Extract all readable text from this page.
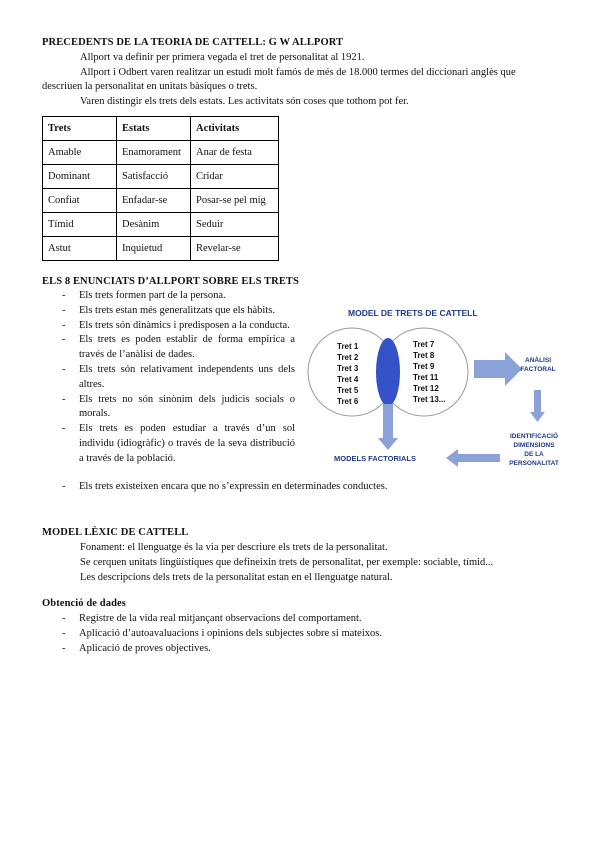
PRECEDENTS DE LA TEORIA DE CATTELL: G W ALLPORT
Allport va definir per primera vegada el tret de personalitat al 1921.
Allport i Odbert varen realitzar un estudi molt famós de més de 18.000 termes del diccionari anglès que
descriuen la personalitat en unitats bàsiques o trets.
Varen distingir els trets dels estats. Les activitats són coses que tothom pot fer.
Trets	Estats	Activitats
Amable	Enamorament	Anar de festa
Dominant	Satisfacció	Cridar
Confiat	Enfadar-se	Posar-se pel mig
Tímid	Desànim	Seduir
Astut	Inquietud	Revelar-se
ELS 8 ENUNCIATS D’ALLPORT SOBRE ELS TRETS
- Els trets formen part de la persona.
- Els trets estan més generalitzats que els hàbits.
- Els trets són dinàmics i predisposen a la conducta.
- Els trets es poden establir de forma empírica a través de l’anàlisi de dades.
- Els trets són relativament independents uns dels altres.
- Els trets no són sinònim dels judicis socials o morals.
- Els trets es poden estudiar a través d’un sol individu (idiogràfic) o través de la seva distribució a través de la població.
- Els trets existeixen encara que no s’expressin en determinades conductes.
MODEL DE TRETS DE CATTELL
Tret 1
Tret 2
Tret 3
Tret 4
Tret 5
Tret 6
Tret 7
Tret 8
Tret 9
Tret 11
Tret 12
Tret 13...
ANÀLISI
FACTORAL
IDENTIFICACIÓ
DIMENSIONS
DE LA
PERSONALITAT
MODELS FACTORIALS
MODEL LÈXIC DE CATTELL
Fonament: el llenguatge és la via per descriure els trets de la personalitat.
Se cerquen unitats lingüístiques que defineixin trets de personalitat, per exemple: sociable, tímid...
Les descripcions dels trets de la personalitat estan en el llenguatge natural.
Obtenció de dades
- Registre de la vida real mitjançant observacions del comportament.
- Aplicació d’autoavaluacions i opinions dels subjectes sobre si mateixos.
- Aplicació de proves objectives.
